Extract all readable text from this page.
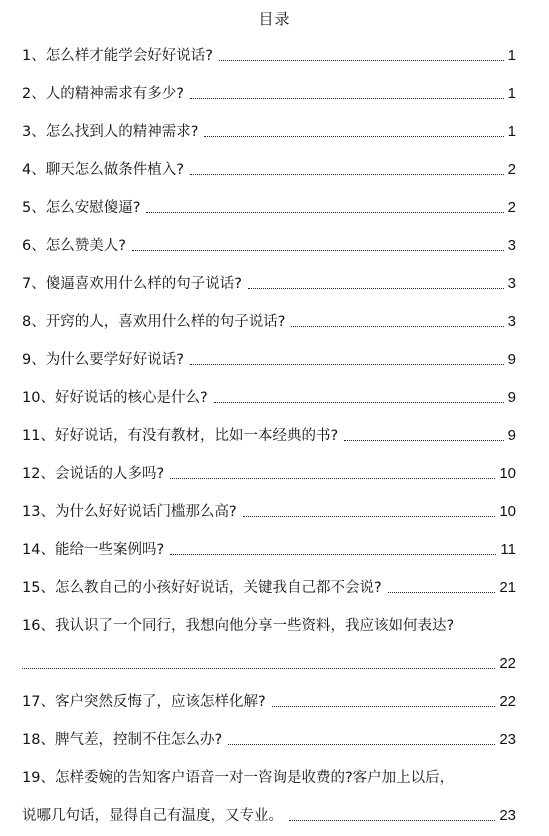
目录
1、怎么样才能学会好好说话?	1
2、人的精神需求有多少?	1
3、怎么找到人的精神需求?	1
4、聊天怎么做条件植入?	2
5、怎么安慰傻逼?	2
6、怎么赞美人?	3
7、傻逼喜欢用什么样的句子说话?	3
8、开窍的人，喜欢用什么样的句子说话?	3
9、为什么要学好好说话?	9
10、好好说话的核心是什么?	9
11、好好说话，有没有教材，比如一本经典的书?	9
12、会说话的人多吗?	10
13、为什么好好说话门槛那么高?	10
14、能给一些案例吗?	11
15、怎么教自己的小孩好好说话，关键我自己都不会说?	21
16、我认识了一个同行，我想向他分享一些资料，我应该如何表达?
22
17、客户突然反悔了，应该怎样化解?	22
18、脾气差，控制不住怎么办?	23
19、怎样委婉的告知客户语音一对一咨询是收费的?客户加上以后，
说哪几句话，显得自己有温度，又专业。	23
